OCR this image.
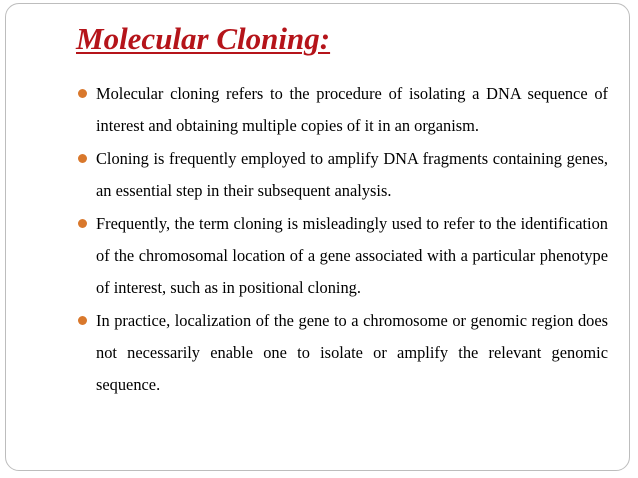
Molecular Cloning:
Molecular cloning refers to the procedure of isolating a DNA sequence of interest and obtaining multiple copies of it in an organism.
Cloning is frequently employed to amplify DNA fragments containing genes, an essential step in their subsequent analysis.
Frequently, the term cloning is misleadingly used to refer to the identification of the chromosomal location of a gene associated with a particular phenotype of interest, such as in positional cloning.
In practice, localization of the gene to a chromosome or genomic region does not necessarily enable one to isolate or amplify the relevant genomic sequence.
